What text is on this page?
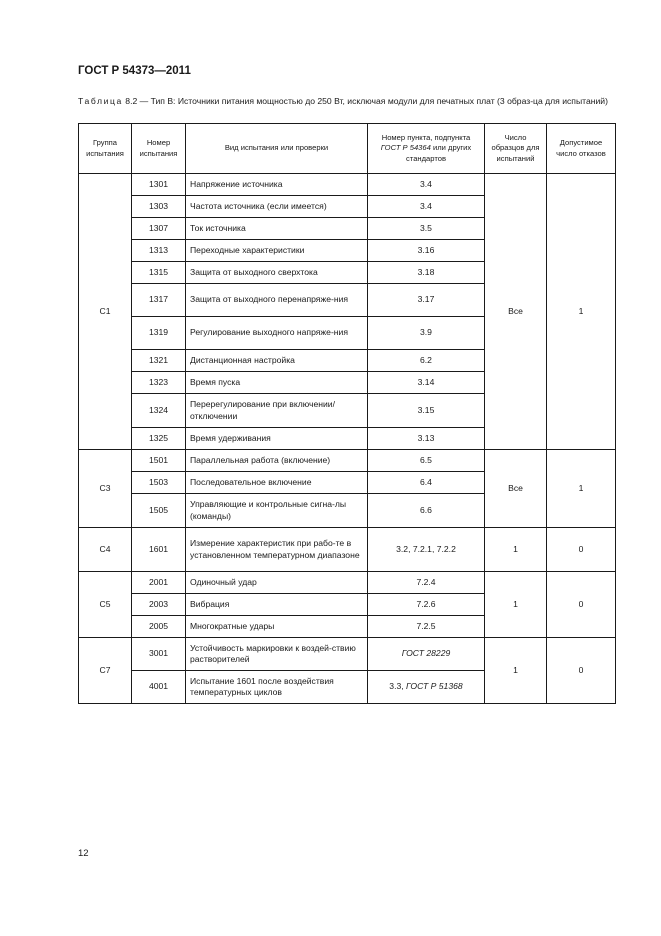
ГОСТ Р 54373—2011
Таблица 8.2 — Тип В: Источники питания мощностью до 250 Вт, исключая модули для печатных плат (3 образ-ца для испытаний)
Группа испытания	Номер испытания	Вид испытания или проверки	Номер пункта, подпункта ГОСТ Р 54364 или других стандартов	Число образцов для испытаний	Допустимое число отказов
С1	1301	Напряжение источника	3.4	Все	1
	1303	Частота источника (если имеется)	3.4		
	1307	Ток источника	3.5		
	1313	Переходные характеристики	3.16		
	1315	Защита от выходного сверхтока	3.18		
	1317	Защита от выходного перенапряже-ния	3.17		
	1319	Регулирование выходного напряже-ния	3.9		
	1321	Дистанционная настройка	6.2		
	1323	Время пуска	3.14		
	1324	Перерегулирование при включении/ отключении	3.15		
	1325	Время удерживания	3.13		
С3	1501	Параллельная работа (включение)	6.5	Все	1
	1503	Последовательное включение	6.4		
	1505	Управляющие и контрольные сигна-лы (команды)	6.6		
С4	1601	Измерение характеристик при рабо-те в установленном температурном диапазоне	3.2, 7.2.1, 7.2.2	1	0
С5	2001	Одиночный удар	7.2.4	1	0
	2003	Вибрация	7.2.6		
	2005	Многократные удары	7.2.5		
С7	3001	Устойчивость маркировки к воздей-ствию растворителей	ГОСТ 28229	1	0
	4001	Испытание 1601 после воздействия температурных циклов	3.3, ГОСТ Р 51368		
12
